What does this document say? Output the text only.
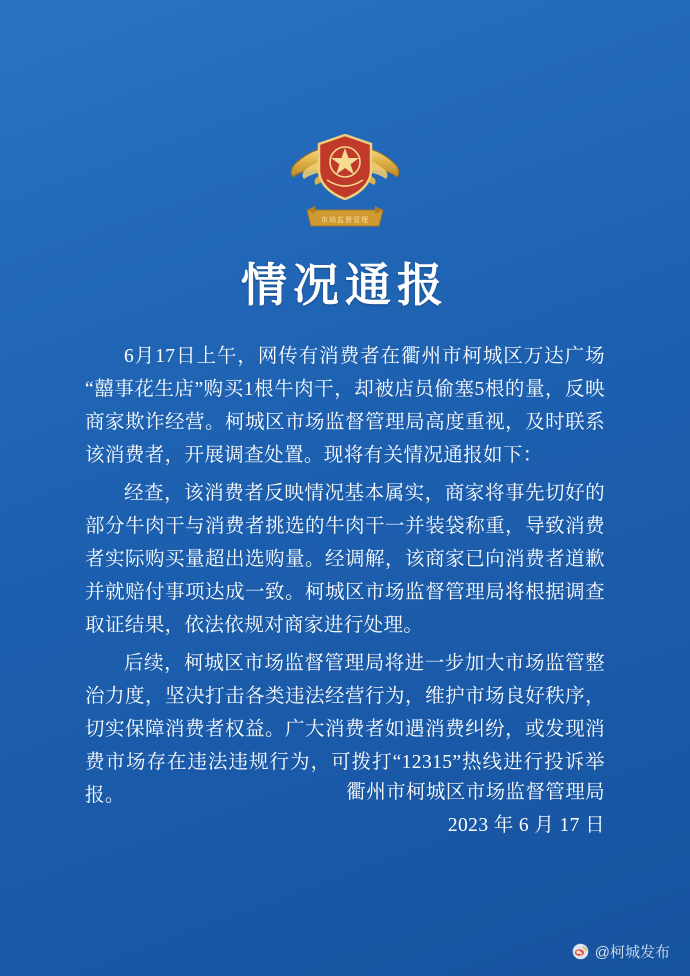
市场监督管理
情况通报

6月17日上午，网传有消费者在衢州市柯城区万达广场“囍事花生店”购买1根牛肉干，却被店员偷塞5根的量，反映商家欺诈经营。柯城区市场监督管理局高度重视，及时联系该消费者，开展调查处置。现将有关情况通报如下：

经查，该消费者反映情况基本属实，商家将事先切好的部分牛肉干与消费者挑选的牛肉干一并装袋称重，导致消费者实际购买量超出选购量。经调解，该商家已向消费者道歉并就赔付事项达成一致。柯城区市场监督管理局将根据调查取证结果，依法依规对商家进行处理。

后续，柯城区市场监督管理局将进一步加大市场监管整治力度，坚决打击各类违法经营行为，维护市场良好秩序，切实保障消费者权益。广大消费者如遇消费纠纷，或发现消费市场存在违法违规行为，可拨打“12315”热线进行投诉举报。	衢州市柯城区市场监督管理局
2023 年 6 月 17 日
@柯城发布
